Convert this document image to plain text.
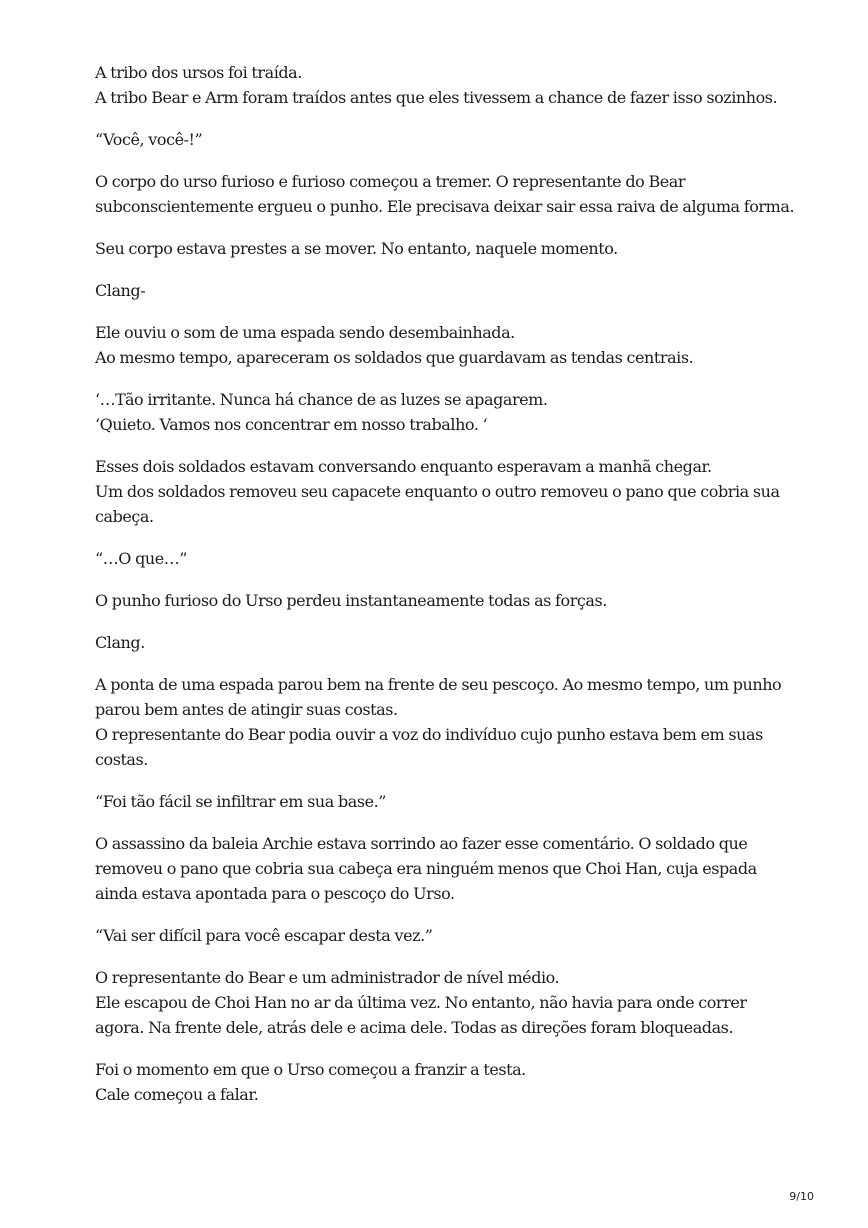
A tribo dos ursos foi traída.
A tribo Bear e Arm foram traídos antes que eles tivessem a chance de fazer isso sozinhos.

“Você, você-!”

O corpo do urso furioso e furioso começou a tremer. O representante do Bear subconscientemente ergueu o punho. Ele precisava deixar sair essa raiva de alguma forma.

Seu corpo estava prestes a se mover. No entanto, naquele momento.

Clang-

Ele ouviu o som de uma espada sendo desembainhada.
Ao mesmo tempo, apareceram os soldados que guardavam as tendas centrais.

‘…Tão irritante. Nunca há chance de as luzes se apagarem.
‘Quieto. Vamos nos concentrar em nosso trabalho. ‘

Esses dois soldados estavam conversando enquanto esperavam a manhã chegar.
Um dos soldados removeu seu capacete enquanto o outro removeu o pano que cobria sua cabeça.

“…O que…”

O punho furioso do Urso perdeu instantaneamente todas as forças.

Clang.

A ponta de uma espada parou bem na frente de seu pescoço. Ao mesmo tempo, um punho parou bem antes de atingir suas costas.
O representante do Bear podia ouvir a voz do indivíduo cujo punho estava bem em suas costas.

“Foi tão fácil se infiltrar em sua base.”

O assassino da baleia Archie estava sorrindo ao fazer esse comentário. O soldado que removeu o pano que cobria sua cabeça era ninguém menos que Choi Han, cuja espada ainda estava apontada para o pescoço do Urso.

“Vai ser difícil para você escapar desta vez.”

O representante do Bear e um administrador de nível médio.
Ele escapou de Choi Han no ar da última vez. No entanto, não havia para onde correr agora. Na frente dele, atrás dele e acima dele. Todas as direções foram bloqueadas.

Foi o momento em que o Urso começou a franzir a testa.
Cale começou a falar.

9/10
